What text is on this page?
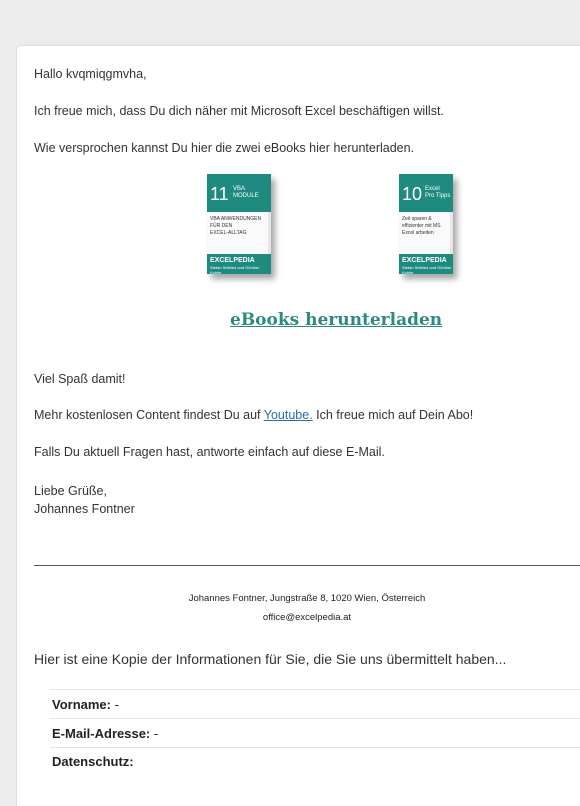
Hallo kvqmiqgmvha,

Ich freue mich, dass Du dich näher mit Microsoft Excel beschäftigen willst.

Wie versprochen kannst Du hier die zwei eBooks hier herunterladen.

11 VBA
MODULE
VBA ANWENDUNGEN
FÜR DEN
EXCEL-ALLTAG
EXCELPEDIA
Stefan Seifried und Günther Kohler
10 Excel
Pro Tipps
Zeit sparen &
effizienter mit MS
Excel arbeiten
EXCELPEDIA
Stefan Seifried und Günther Kohler
eBooks herunterladen

Viel Spaß damit!

Mehr kostenlosen Content findest Du auf Youtube. Ich freue mich auf Dein Abo!

Falls Du aktuell Fragen hast, antworte einfach auf diese E-Mail.

Liebe Grüße,

Johannes Fontner

Johannes Fontner, Jungstraße 8, 1020 Wien, Österreich
office@excelpedia.at
Hier ist eine Kopie der Informationen für Sie, die Sie uns übermittelt haben...
Vorname: -
E-Mail-Adresse: -
Datenschutz:
